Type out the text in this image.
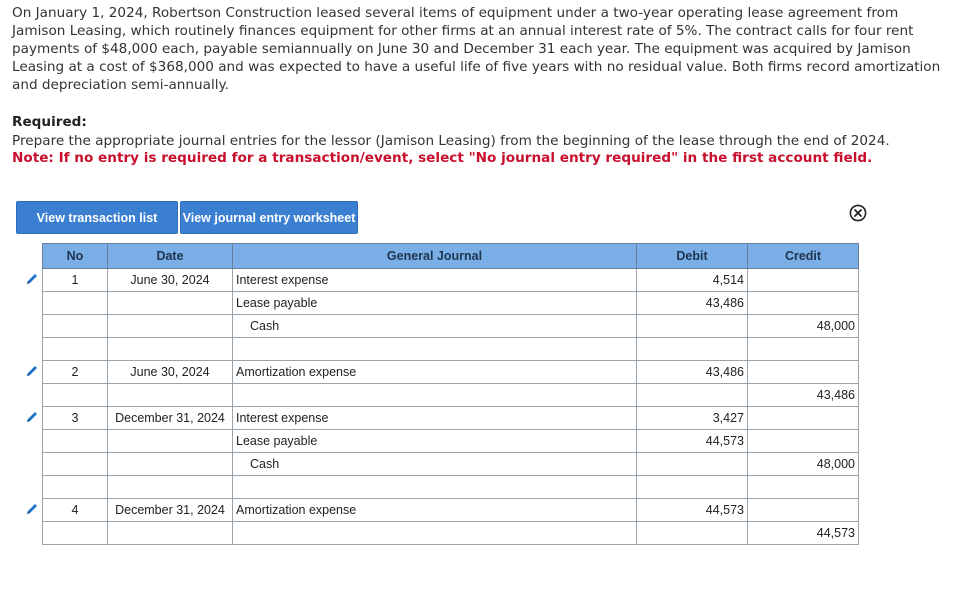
On January 1, 2024, Robertson Construction leased several items of equipment under a two-year operating lease agreement from Jamison Leasing, which routinely finances equipment for other firms at an annual interest rate of 5%. The contract calls for four rent payments of $48,000 each, payable semiannually on June 30 and December 31 each year. The equipment was acquired by Jamison Leasing at a cost of $368,000 and was expected to have a useful life of five years with no residual value. Both firms record amortization and depreciation semi-annually.
Required:
Prepare the appropriate journal entries for the lessor (Jamison Leasing) from the beginning of the lease through the end of 2024.
Note: If no entry is required for a transaction/event, select "No journal entry required" in the first account field.
View transaction list	View journal entry worksheet
No	Date	General Journal	Debit	Credit
1	June 30, 2024	Interest expense	4,514	
		Lease payable	43,486	
		Cash		48,000

2	June 30, 2024	Amortization expense	43,486	
				43,486
3	December 31, 2024	Interest expense	3,427	
		Lease payable	44,573	
		Cash		48,000

4	December 31, 2024	Amortization expense	44,573	
				44,573
